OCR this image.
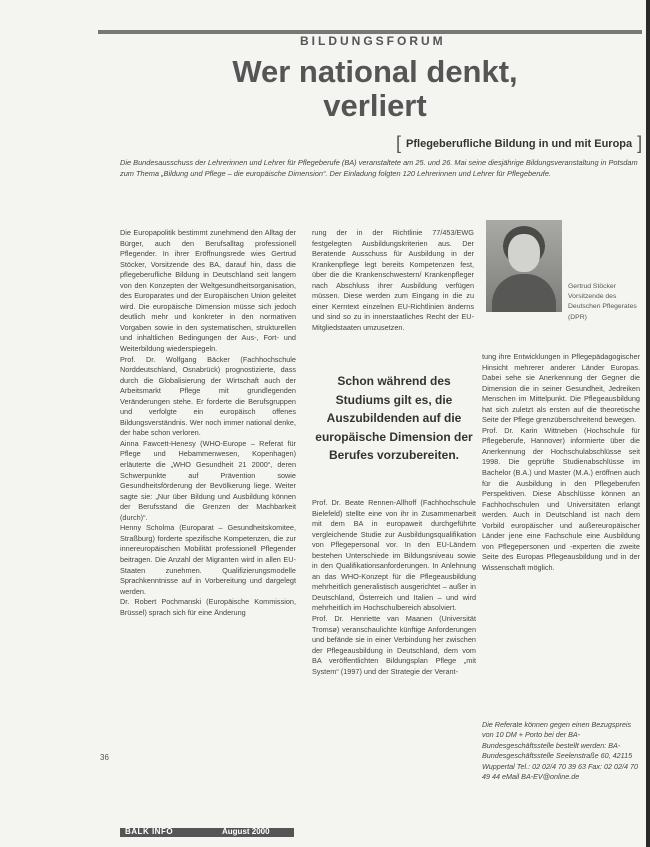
BILDUNGSFORUM
Wer national denkt, verliert
[ Pflegeberufliche Bildung in und mit Europa ]
Die Bundesausschuss der Lehrerinnen und Lehrer für Pflegeberufe (BA) veranstaltete am 25. und 26. Mai seine diesjährige Bildungsveranstaltung in Potsdam zum Thema „Bildung und Pflege – die europäische Dimension“. Der Einladung folgten 120 Lehrerinnen und Lehrer für Pflegeberufe.

Die Europapolitik bestimmt zunehmend den Alltag der Bürger, auch den Berufsalltag professionell Pflegender. In ihrer Eröffnungsrede wies Gertrud Stöcker, Vorsitzende des BA, darauf hin, dass die pflegeberufliche Bildung in Deutschland seit langem von den Konzepten der Weltgesundheitsorganisation, des Europarates und der Europäischen Union geleitet wird. Die europäische Dimension müsse sich jedoch deutlich mehr und konkreter in den normativen Vorgaben sowie in den systematischen, strukturellen und inhaltlichen Bedingungen der Aus-, Fort- und Weiterbildung wiederspiegeln.

Prof. Dr. Wolfgang Bäcker (Fachhochschule Norddeutschland, Osnabrück) prognostizierte, dass durch die Globalisierung der Wirtschaft auch der Arbeitsmarkt Pflege mit grundlegenden Veränderungen stehe. Er forderte die Berufsgruppen und verfolgte ein europäisch offenes Bildungsverständnis. Wer noch immer national denke, der habe schon verloren.

Ainna Fawcett-Henesy (WHO-Europe – Referat für Pflege und Hebammenwesen, Kopenhagen) erläuterte die „WHO Gesundheit 21 2000“, deren Schwerpunkte auf Prävention sowie Gesundheitsförderung der Bevölkerung liege. Weiter sagte sie: „Nur über Bildung und Ausbildung können der Berufsstand die Grenzen der Machbarkeit (durch)“.

Henny Scholma (Europarat – Gesundheitskomitee, Straßburg) forderte spezifische Kompetenzen, die zur innereuropäischen Mobilität professionell Pflegender beitragen. Die Anzahl der Migranten wird in allen EU-Staaten zunehmen. Qualifizierungsmodelle Sprachkenntnisse auf in Vorbereitung und dargelegt werden.

Dr. Robert Pochmanski (Europäische Kommission, Brüssel) sprach sich für eine Änderung

rung der in der Richtlinie 77/453/EWG festgelegten Ausbildungskriterien aus. Der Beratende Ausschuss für Ausbildung in der Krankenpflege legt bereits Kompetenzen fest, über die die Krankenschwestern/ Krankenpfleger nach Abschluss ihrer Ausbildung verfügen müssen. Diese werden zum Eingang in die zu einer Kerntext einzelnen EU-Richtlinien änderns und sind so zu in innerstaatliches Recht der EU-Mitgliedstaaten umzusetzen.

Schon während des Studiums gilt es, die Auszubildenden auf die europäische Dimension der Berufes vorzubereiten.

Prof. Dr. Beate Rennen-Allhoff (Fachhochschule Bielefeld) stellte eine von ihr in Zusammenarbeit mit dem BA in europaweit durchgeführte vergleichende Studie zur Ausbildungsqualifikation von Pflegepersonal vor. In den EU-Ländern bestehen Unterschiede im Bildungsniveau sowie in den Qualifikationsanforderungen. In Anlehnung an das WHO-Konzept für die Pflegeausbildung mehrheitlich generalistisch ausgerichtet – außer in Deutschland, Österreich und Italien – und wird mehrheitlich im Hochschulbereich absolviert.

Prof. Dr. Henriette van Maanen (Universität Tromsø) veranschaulichte künftige Anforderungen und befände sie in einer Verbindung her zwischen der Pflegeausbildung in Deutschland, dem vom BA veröffentlichten Bildungsplan Pflege „mit System“ (1997) und der Strategie der Verant-

Gertrud Stöcker Vorsitzende des Deutschen Pflegerates (DPR)

tung ihre Entwicklungen in Pflegepädagogischer Hinsicht mehrerer anderer Länder Europas. Dabei sehe sie Anerkennung der Gegner die Dimension die in seiner Gesundheit, Jedreiken Menschen im Mittelpunkt. Die Pflegeausbildung hat sich zuletzt als ersten auf die theoretische Seite der Pflege grenzüberschreitend bewegen.

Prof. Dr. Karin Wittneben (Hochschule für Pflegeberufe, Hannover) informierte über die Anerkennung der Hochschulabschlüsse seit 1998. Die geprüfte Studienabschlüsse im Bachelor (B.A.) und Master (M.A.) eröffnen auch für die Ausbildung in den Pflegeberufen Perspektiven. Diese Abschlüsse können an Fachhochschulen und Universitäten erlangt werden. Auch in Deutschland ist nach dem Vorbild europäischer und außereuropäischer Länder jene eine Fachschule eine Ausbildung von Pflegepersonen und -experten die zweite Seite des Europas Pflegeausbildung und in der Wissenschaft möglich.

Die Referate können gegen einen Bezugspreis von 10 DM + Porto bei der BA-Bundesgeschäftsstelle bestellt werden: BA-Bundesgeschäftsstelle Seelenstraße 60, 42115 Wuppertal Tel.: 02 02/4 70 39 63 Fax: 02 02/4 70 49 44 eMail BA-EV@online.de
36
BALK INFO	August 2000
